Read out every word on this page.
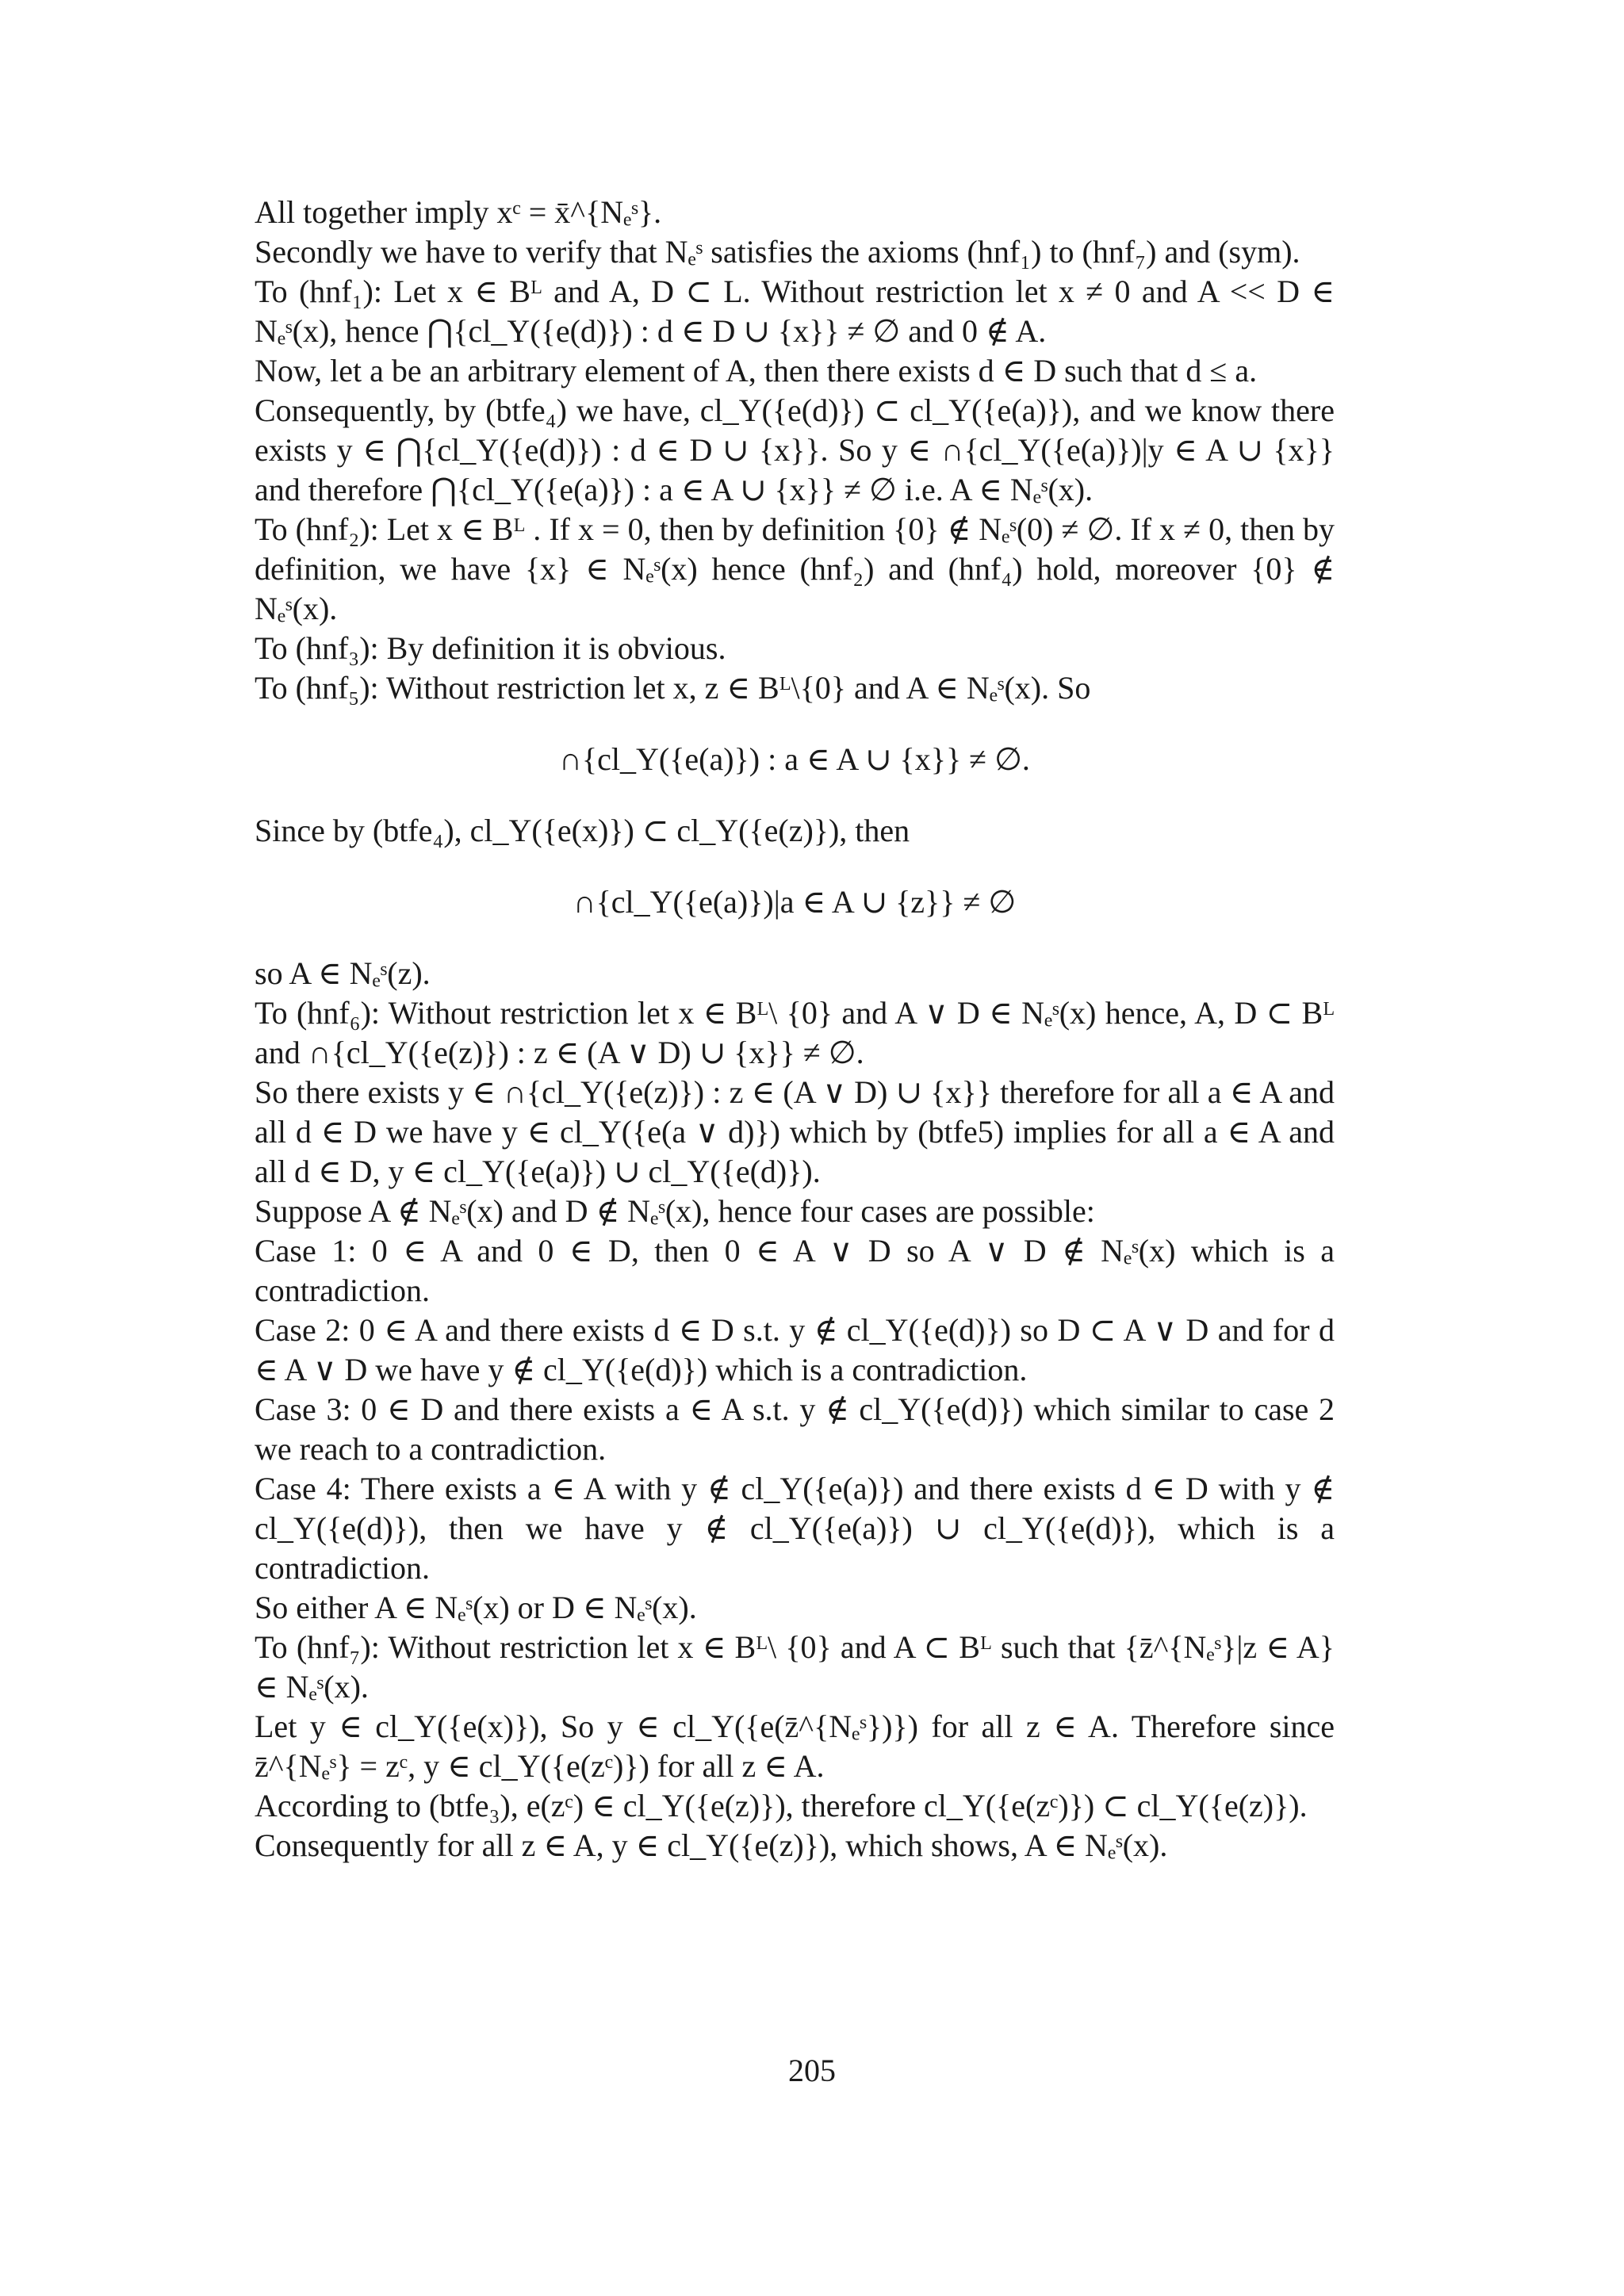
All together imply xᶜ = x̄^{Nₑˢ}.
Secondly we have to verify that Nₑˢ satisfies the axioms (hnf₁) to (hnf₇) and (sym).
To (hnf₁): Let x ∈ Bᴸ and A, D ⊂ L. Without restriction let x ≠ 0 and A << D ∈ Nₑˢ(x), hence ⋂{cl_Y({e(d)}) : d ∈ D ∪ {x}} ≠ ∅ and 0 ∉ A.
Now, let a be an arbitrary element of A, then there exists d ∈ D such that d ≤ a.
Consequently, by (btfe₄) we have, cl_Y({e(d)}) ⊂ cl_Y({e(a)}), and we know there exists y ∈ ⋂{cl_Y({e(d)}) : d ∈ D ∪ {x}}. So y ∈ ∩{cl_Y({e(a)})|y ∈ A ∪ {x}} and therefore ⋂{cl_Y({e(a)}) : a ∈ A ∪ {x}} ≠ ∅ i.e. A ∈ Nₑˢ(x).
To (hnf₂): Let x ∈ Bᴸ . If x = 0, then by definition {0} ∉ Nₑˢ(0) ≠ ∅. If x ≠ 0, then by definition, we have {x} ∈ Nₑˢ(x) hence (hnf₂) and (hnf₄) hold, moreover {0} ∉ Nₑˢ(x).
To (hnf₃): By definition it is obvious.
To (hnf₅): Without restriction let x, z ∈ Bᴸ\{0} and A ∈ Nₑˢ(x). So
∩{cl_Y({e(a)}) : a ∈ A ∪ {x}} ≠ ∅.
Since by (btfe₄), cl_Y({e(x)}) ⊂ cl_Y({e(z)}), then
∩{cl_Y({e(a)})|a ∈ A ∪ {z}} ≠ ∅
so A ∈ Nₑˢ(z).
To (hnf₆): Without restriction let x ∈ Bᴸ\ {0} and A ∨ D ∈ Nₑˢ(x) hence, A, D ⊂ Bᴸ and ∩{cl_Y({e(z)}) : z ∈ (A ∨ D) ∪ {x}} ≠ ∅.
So there exists y ∈ ∩{cl_Y({e(z)}) : z ∈ (A ∨ D) ∪ {x}} therefore for all a ∈ A and all d ∈ D we have y ∈ cl_Y({e(a ∨ d)}) which by (btfe5) implies for all a ∈ A and all d ∈ D, y ∈ cl_Y({e(a)}) ∪ cl_Y({e(d)}).
Suppose A ∉ Nₑˢ(x) and D ∉ Nₑˢ(x), hence four cases are possible:
Case 1: 0 ∈ A and 0 ∈ D, then 0 ∈ A ∨ D so A ∨ D ∉ Nₑˢ(x) which is a contradiction.
Case 2: 0 ∈ A and there exists d ∈ D s.t. y ∉ cl_Y({e(d)}) so D ⊂ A ∨ D and for d ∈ A ∨ D we have y ∉ cl_Y({e(d)}) which is a contradiction.
Case 3: 0 ∈ D and there exists a ∈ A s.t. y ∉ cl_Y({e(d)}) which similar to case 2 we reach to a contradiction.
Case 4: There exists a ∈ A with y ∉ cl_Y({e(a)}) and there exists d ∈ D with y ∉ cl_Y({e(d)}), then we have y ∉ cl_Y({e(a)}) ∪ cl_Y({e(d)}), which is a contradiction.
So either A ∈ Nₑˢ(x) or D ∈ Nₑˢ(x).
To (hnf₇): Without restriction let x ∈ Bᴸ\ {0} and A ⊂ Bᴸ such that {z̄^{Nₑˢ}|z ∈ A} ∈ Nₑˢ(x).
Let y ∈ cl_Y({e(x)}), So y ∈ cl_Y({e(z̄^{Nₑˢ})}) for all z ∈ A. Therefore since z̄^{Nₑˢ} = zᶜ, y ∈ cl_Y({e(zᶜ)}) for all z ∈ A.
According to (btfe₃), e(zᶜ) ∈ cl_Y({e(z)}), therefore cl_Y({e(zᶜ)}) ⊂ cl_Y({e(z)}).
Consequently for all z ∈ A, y ∈ cl_Y({e(z)}), which shows, A ∈ Nₑˢ(x).
205
